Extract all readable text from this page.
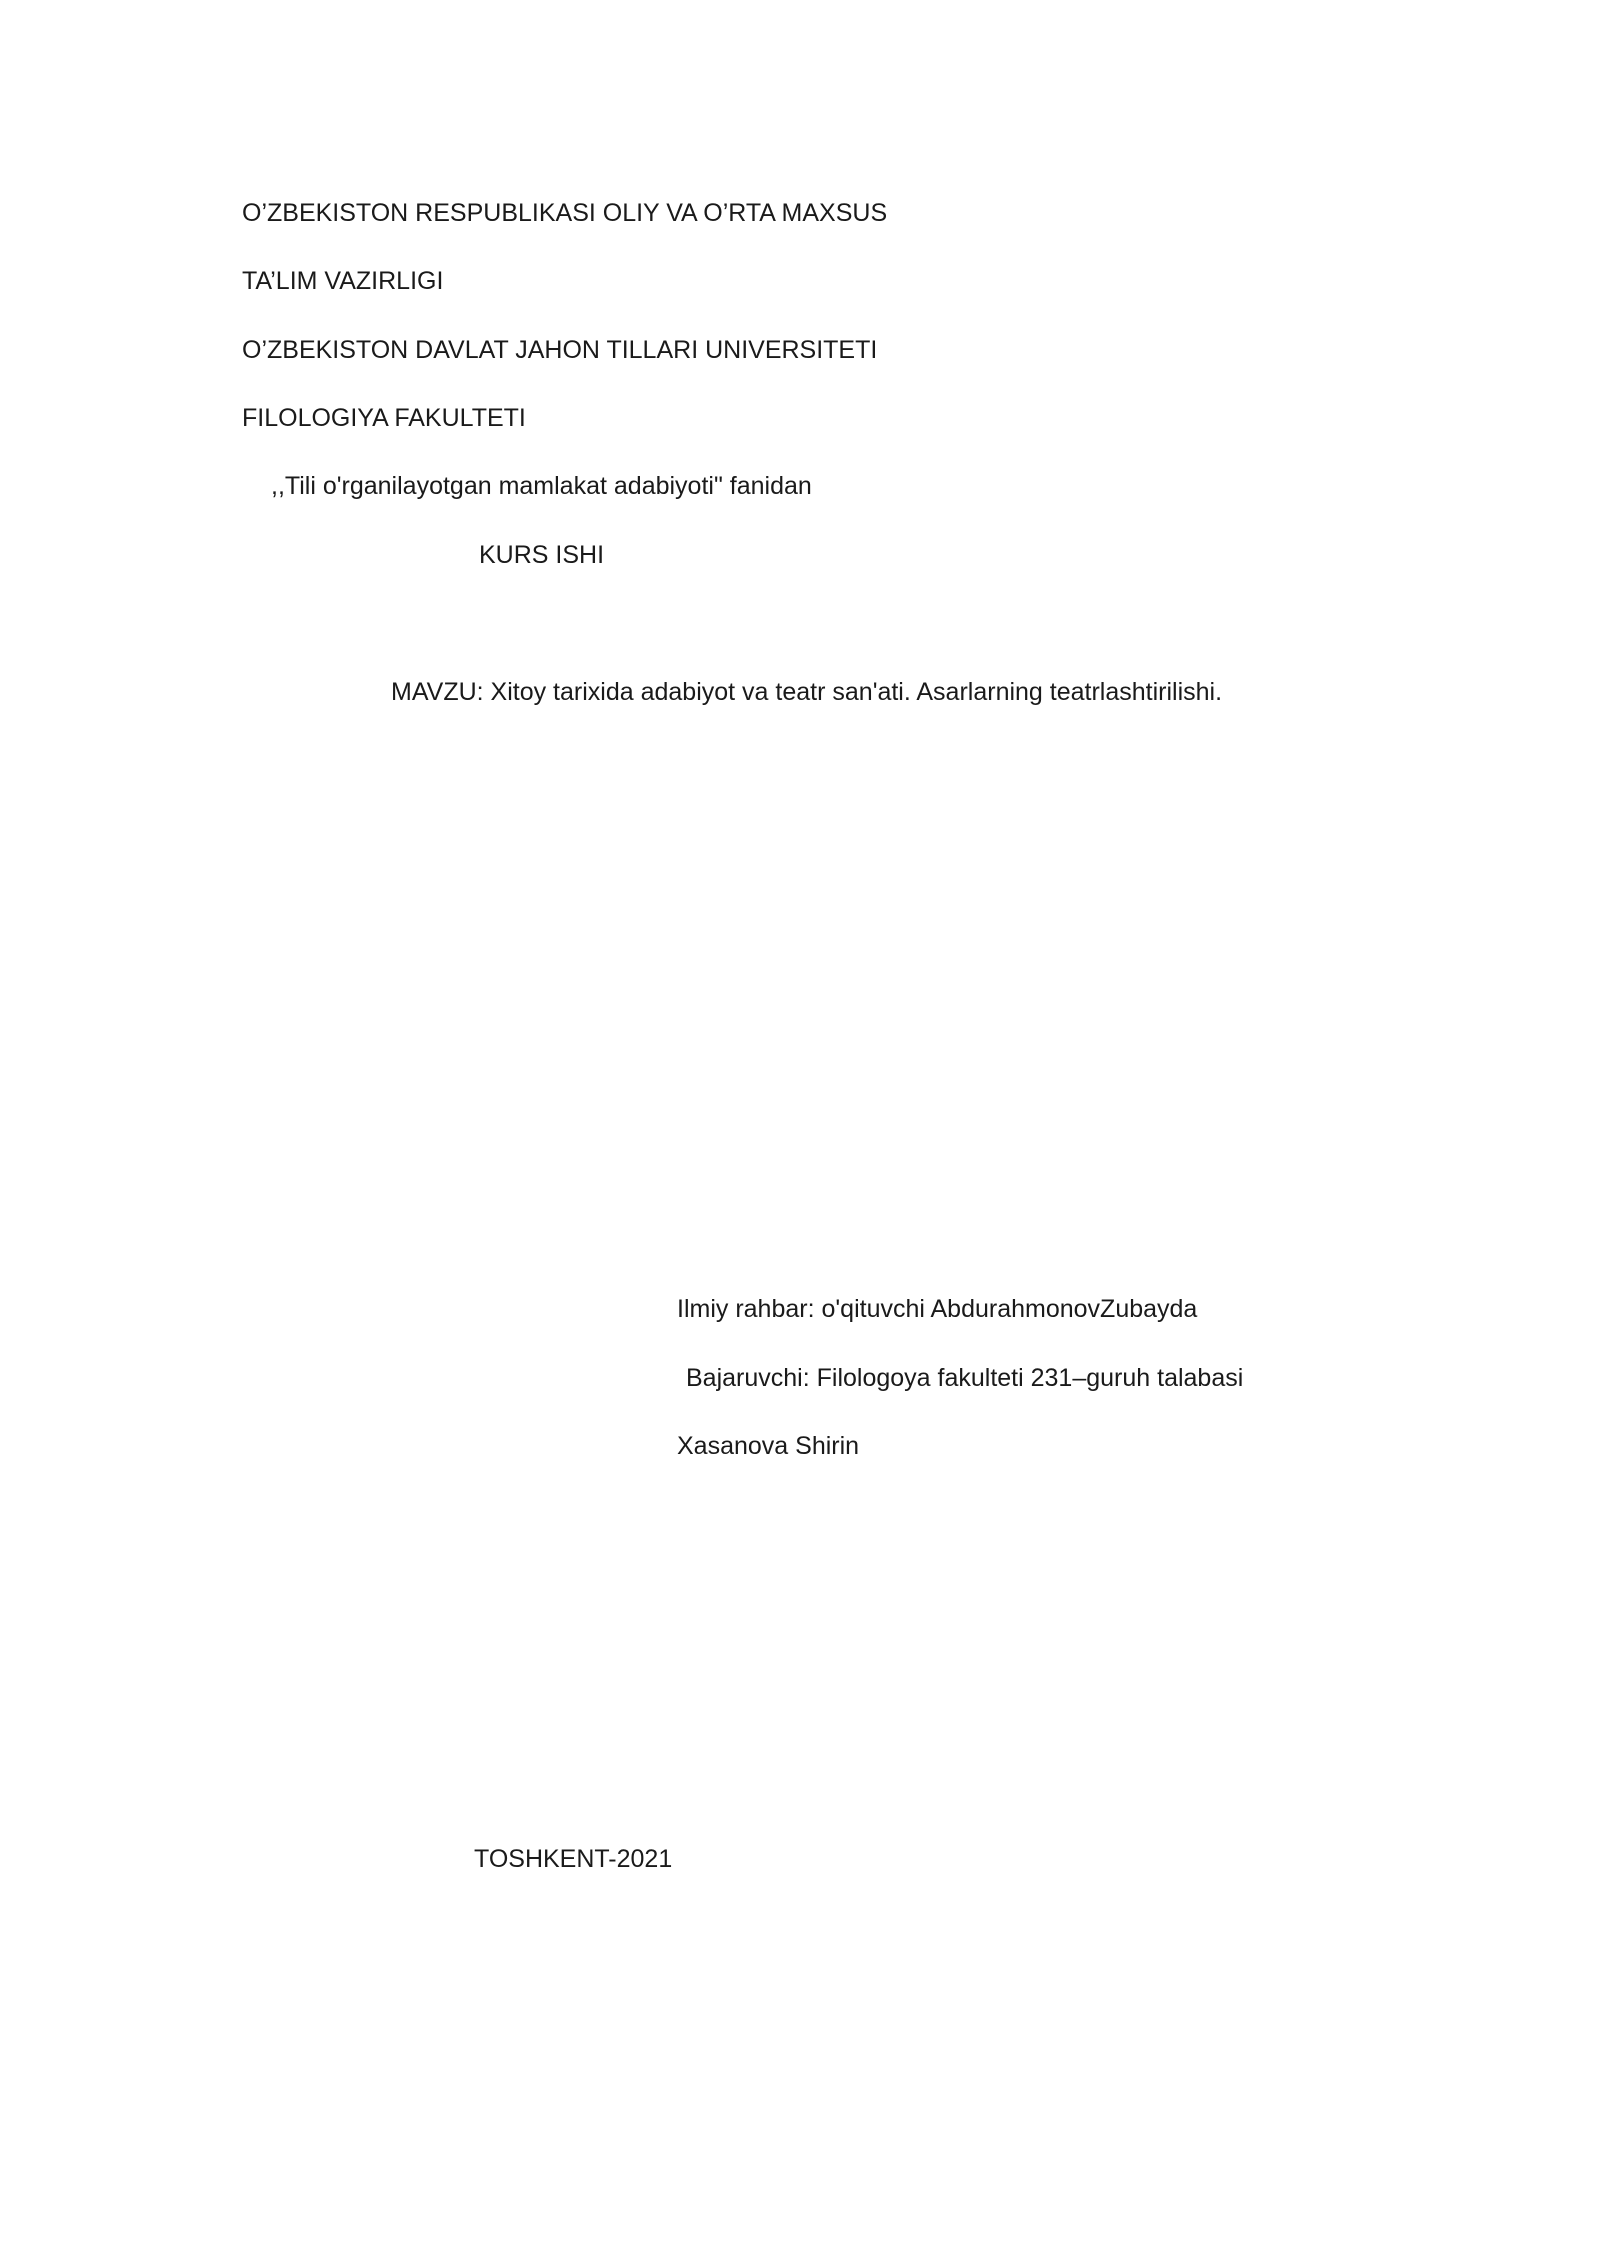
O’ZBEKISTON RESPUBLIKASI OLIY VA O’RTA MAXSUS
TA’LIM VAZIRLIGI
O’ZBEKISTON DAVLAT JAHON TILLARI UNIVERSITETI
FILOLOGIYA FAKULTETI
,,Tili o'rganilayotgan mamlakat adabiyoti" fanidan
KURS ISHI
MAVZU: Xitoy tarixida adabiyot va teatr san'ati. Asarlarning teatrlashtirilishi.
Ilmiy rahbar: o'qituvchi AbdurahmonovZubayda
Bajaruvchi: Filologoya fakulteti 231–guruh talabasi
Xasanova Shirin
TOSHKENT-2021
